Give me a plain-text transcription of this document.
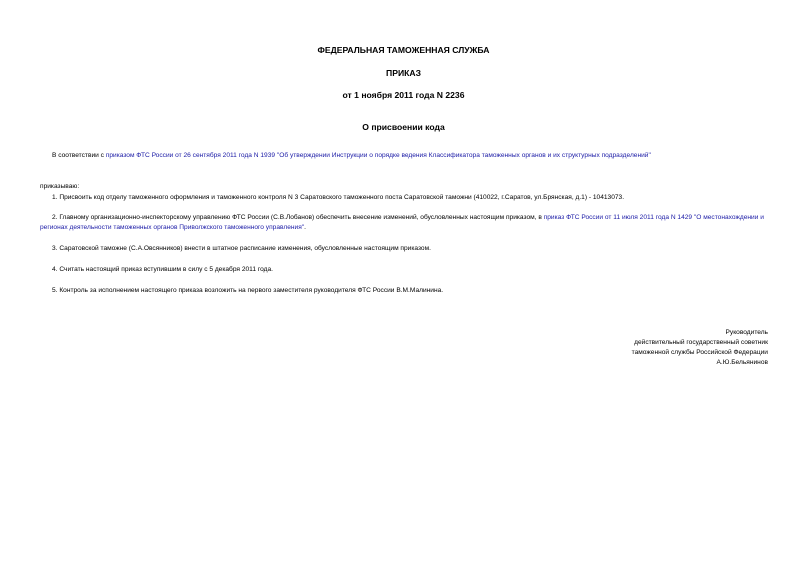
ФЕДЕРАЛЬНАЯ ТАМОЖЕННАЯ СЛУЖБА
ПРИКАЗ
от 1 ноября 2011 года N 2236
О присвоении кода
В соответствии с приказом ФТС России от 26 сентября 2011 года N 1939 "Об утверждении Инструкции о порядке ведения Классификатора таможенных органов и их структурных подразделений"
приказываю:
1. Присвоить код отделу таможенного оформления и таможенного контроля N 3 Саратовского таможенного поста Саратовской таможни (410022, г.Саратов, ул.Брянская, д.1) - 10413073.
2. Главному организационно-инспекторскому управлению ФТС России (С.В.Лобанов) обеспечить внесение изменений, обусловленных настоящим приказом, в приказ ФТС России от 11 июля 2011 года N 1429 "О местонахождении и регионах деятельности таможенных органов Приволжского таможенного управления".
3. Саратовской таможне (С.А.Овсянников) внести в штатное расписание изменения, обусловленные настоящим приказом.
4. Считать настоящий приказ вступившим в силу с 5 декабря 2011 года.
5. Контроль за исполнением настоящего приказа возложить на первого заместителя руководителя ФТС России В.М.Малинина.
Руководитель
действительный государственный советник
таможенной службы Российской Федерации
А.Ю.Бельянинов
